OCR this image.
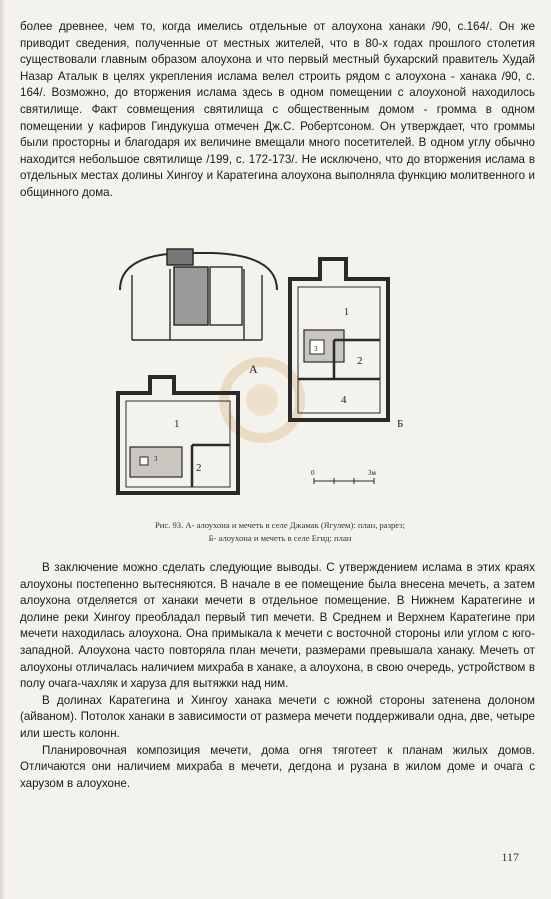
более древнее, чем то, когда имелись отдельные от алоухона ханаки /90, с.164/. Он же приводит сведения, полученные от местных жителей, что в 80-х годах прошлого столетия существовали главным образом алоухона и что первый местный бухарский правитель Худай Назар Аталык в целях укрепления ислама велел строить рядом с алоухона - ханака /90, с. 164/. Возможно, до вторжения ислама здесь в одном помещении с алоухоной находилось святилище. Факт совмещения святилища с общественным домом - громма в одном помещении у кафиров Гиндукуша отмечен Дж.С. Робертсоном. Он утверждает, что громмы были просторны и благодаря их величине вмещали много посетителей. В одном углу обычно находится небольшое святилище /199, с. 172-173/. Не исключено, что до вторжения ислама в отдельных местах долины Хингоу и Каратегина алоухона выполняла функцию молитвенного и общинного дома.

1
2
3
А
1
2
3
4
Б
0	3м
Рис. 93. А- алоухона и мечеть в селе Джамак (Ягулем): план, разрез;
Б- алоухона и мечеть в селе Егид: план

В заключение можно сделать следующие выводы. С утверждением ислама в этих краях алоухоны постепенно вытесняются. В начале в ее помещение была внесена мечеть, а затем алоухона отделяется от ханаки мечети в отдельное помещение. В Нижнем Каратегине и долине реки Хингоу преобладал первый тип мечети. В Среднем и Верхнем Каратегине при мечети находилась алоухона. Она примыкала к мечети с восточной стороны или углом с юго-западной. Алоухона часто повторяла план мечети, размерами превышала ханаку. Мечеть от алоухоны отличалась наличием михраба в ханаке, а алоухона, в свою очередь, устройством в полу очага-чахляк и харуза для вытяжки над ним.

В долинах Каратегина и Хингоу ханака мечети с южной стороны затенена долоном (айваном). Потолок ханаки в зависимости от размера мечети поддерживали одна, две, четыре или шесть колонн.

Планировочная композиция мечети, дома огня тяготеет к планам жилых домов. Отличаются они наличием михраба в мечети, дегдона и рузана в жилом доме и очага с харузом в алоухоне.

117
